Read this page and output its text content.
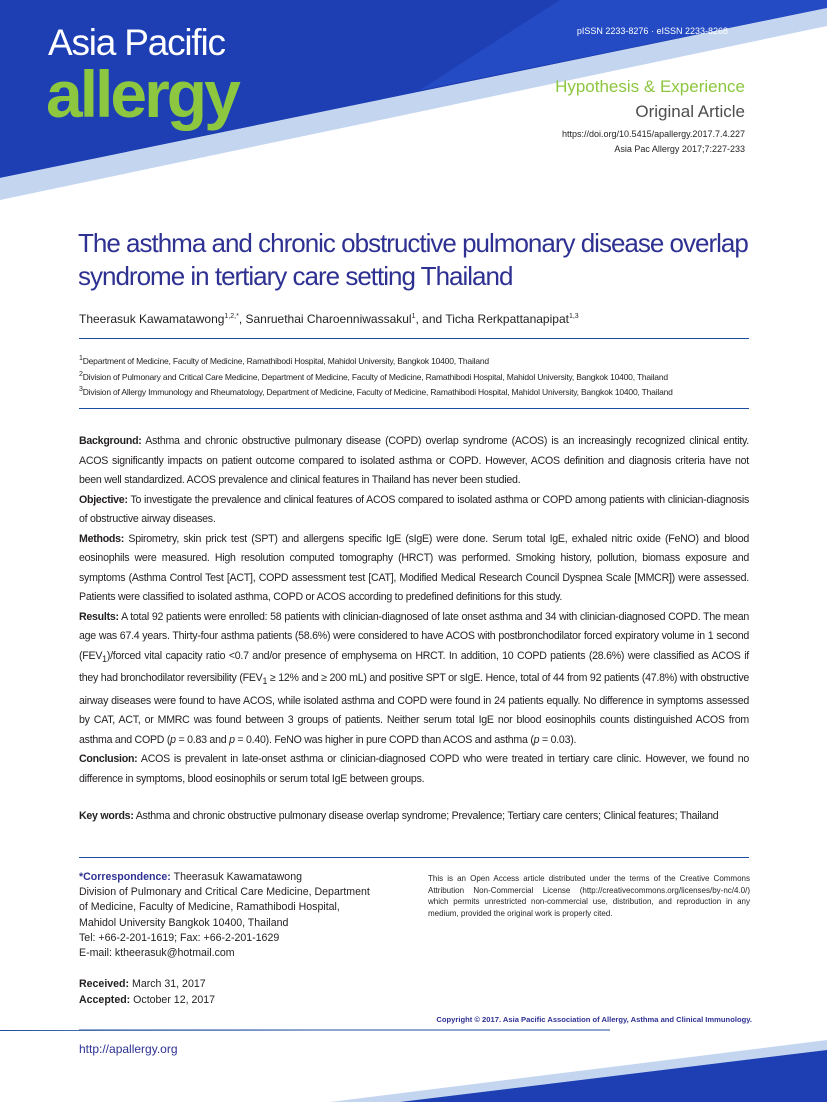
Asia Pacific
allergy
pISSN 2233-8276 · eISSN 2233-8268
Hypothesis & Experience
Original Article
https://doi.org/10.5415/apallergy.2017.7.4.227
Asia Pac Allergy 2017;7:227-233
The asthma and chronic obstructive pulmonary disease overlap syndrome in tertiary care setting Thailand
Theerasuk Kawamatawong$^{1,2,*}$, Sanruethai Charoenniwassakul$^1$, and Ticha Rerkpattanapipat$^{1,3}$
$^1$Department of Medicine, Faculty of Medicine, Ramathibodi Hospital, Mahidol University, Bangkok 10400, Thailand
$^2$Division of Pulmonary and Critical Care Medicine, Department of Medicine, Faculty of Medicine, Ramathibodi Hospital, Mahidol University, Bangkok 10400, Thailand
$^3$Division of Allergy Immunology and Rheumatology, Department of Medicine, Faculty of Medicine, Ramathibodi Hospital, Mahidol University, Bangkok 10400, Thailand

Background: Asthma and chronic obstructive pulmonary disease (COPD) overlap syndrome (ACOS) is an increasingly recognized clinical entity. ACOS significantly impacts on patient outcome compared to isolated asthma or COPD. However, ACOS definition and diagnosis criteria have not been well standardized. ACOS prevalence and clinical features in Thailand has never been studied.

Objective: To investigate the prevalence and clinical features of ACOS compared to isolated asthma or COPD among patients with clinician-diagnosis of obstructive airway diseases.

Methods: Spirometry, skin prick test (SPT) and allergens specific IgE (sIgE) were done. Serum total IgE, exhaled nitric oxide (FeNO) and blood eosinophils were measured. High resolution computed tomography (HRCT) was performed. Smoking history, pollution, biomass exposure and symptoms (Asthma Control Test [ACT], COPD assessment test [CAT], Modified Medical Research Council Dyspnea Scale [MMCR]) were assessed. Patients were classified to isolated asthma, COPD or ACOS according to predefined definitions for this study.

Results: A total 92 patients were enrolled: 58 patients with clinician-diagnosed of late onset asthma and 34 with clinician-diagnosed COPD. The mean age was 67.4 years. Thirty-four asthma patients (58.6%) were considered to have ACOS with postbronchodilator forced expiratory volume in 1 second $(FEV_1)$/forced vital capacity ratio <0.7 and/or presence of emphysema on HRCT. In addition, 10 COPD patients (28.6%) were classified as ACOS if they had bronchodilator reversibility ($FEV_1 \ge 12\%$ and ≥ 200 mL) and positive SPT or sIgE. Hence, total of 44 from 92 patients (47.8%) with obstructive airway diseases were found to have ACOS, while isolated asthma and COPD were found in 24 patients equally. No difference in symptoms assessed by CAT, ACT, or MMRC was found between 3 groups of patients. Neither serum total IgE nor blood eosinophils counts distinguished ACOS from asthma and COPD (p = 0.83 and p = 0.40). FeNO was higher in pure COPD than ACOS and asthma (p = 0.03).

Conclusion: ACOS is prevalent in late-onset asthma or clinician-diagnosed COPD who were treated in tertiary care clinic. However, we found no difference in symptoms, blood eosinophils or serum total IgE between groups.

Key words: Asthma and chronic obstructive pulmonary disease overlap syndrome; Prevalence; Tertiary care centers; Clinical features; Thailand
*Correspondence: Theerasuk Kawamatawong
Division of Pulmonary and Critical Care Medicine, Department
of Medicine, Faculty of Medicine, Ramathibodi Hospital,
Mahidol University Bangkok 10400, Thailand
Tel: +66-2-201-1619; Fax: +66-2-201-1629
E-mail: ktheerasuk@hotmail.com
This is an Open Access article distributed under the terms of the Creative Commons Attribution Non-Commercial License (http://creativecommons.org/licenses/by-nc/4.0/) which permits unrestricted non-commercial use, distribution, and reproduction in any medium, provided the original work is properly cited.
Received: March 31, 2017
Accepted: October 12, 2017
Copyright © 2017. Asia Pacific Association of Allergy, Asthma and Clinical Immunology.
http://apallergy.org
